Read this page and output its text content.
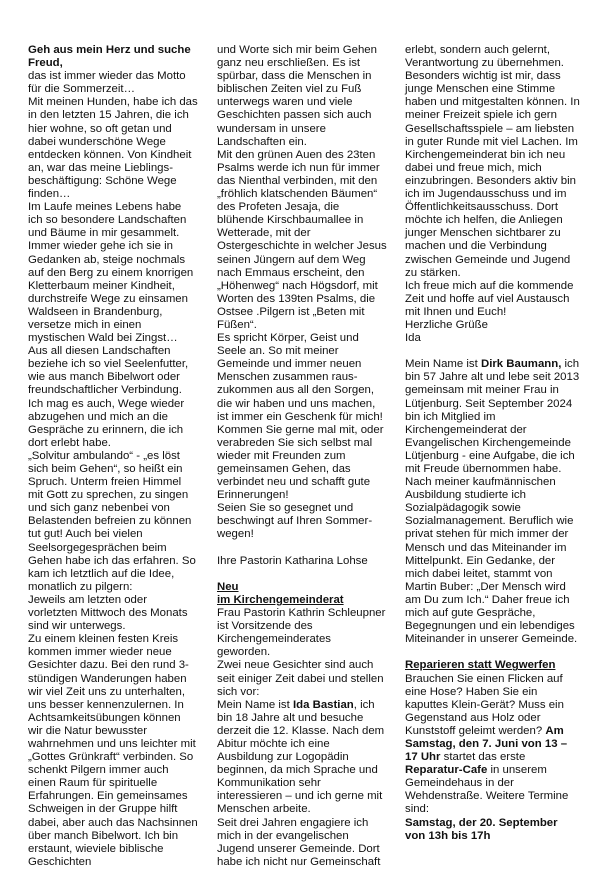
Geh aus mein Herz und suche Freud,

das ist immer wieder das Motto für die Sommerzeit…
Mit meinen Hunden, habe ich das in den letzten 15 Jahren, die ich hier wohne, so oft getan und dabei wunderschöne Wege entdecken können. Von Kindheit an, war das meine Lieblingsbeschäftigung: Schöne Wege finden…
Im Laufe meines Lebens habe ich so besondere Landschaften und Bäume in mir gesammelt. Immer wieder gehe ich sie in Gedanken ab, steige nochmals auf den Berg zu einem knorrigen Kletterbaum meiner Kindheit, durchstreife Wege zu einsamen Waldseen in Brandenburg, versetze mich in einen mystischen Wald bei Zingst… Aus all diesen Landschaften beziehe ich so viel Seelenfutter, wie aus manch Bibelwort oder freundschaftlicher Verbindung. Ich mag es auch, Wege wieder abzugehen und mich an die Gespräche zu erinnern, die ich dort erlebt habe.
„Solvitur ambulando“ - „es löst sich beim Gehen“, so heißt ein Spruch. Unterm freien Himmel mit Gott zu sprechen, zu singen und sich ganz nebenbei von Belastenden befreien zu können tut gut! Auch bei vielen Seelsorgegesprächen beim Gehen habe ich das erfahren. So kam ich letztlich auf die Idee, monatlich zu pilgern:
Jeweils am letzten oder vorletzten Mittwoch des Monats sind wir unterwegs.
Zu einem kleinen festen Kreis kommen immer wieder neue Gesichter dazu. Bei den rund 3-stündigen Wanderungen haben wir viel Zeit uns zu unterhalten, uns besser kennenzulernen. In Achtsamkeitsübungen können wir die Natur bewusster wahrnehmen und uns leichter mit „Gottes Grünkraft“ verbinden. So schenkt Pilgern immer auch einen Raum für spirituelle Erfahrungen. Ein gemeinsames Schweigen in der Gruppe hilft dabei, aber auch das Nachsinnen über manch Bibelwort. Ich bin erstaunt, wieviele biblische Geschichten

und Worte sich mir beim Gehen ganz neu erschließen. Es ist spürbar, dass die Menschen in biblischen Zeiten viel zu Fuß unterwegs waren und viele Geschichten passen sich auch wundersam in unsere Landschaften ein.
Mit den grünen Auen des 23ten Psalms werde ich nun für immer das Nienthal verbinden, mit den „fröhlich klatschenden Bäumen“ des Profeten Jesaja, die blühende Kirschbaumallee in Wetterade, mit der Ostergeschichte in welcher Jesus seinen Jüngern auf dem Weg nach Emmaus erscheint, den „Höhenweg“ nach Högsdorf, mit Worten des 139ten Psalms, die Ostsee .Pilgern ist „Beten mit Füßen“.
Es spricht Körper, Geist und Seele an. So mit meiner Gemeinde und immer neuen Menschen zusammen rauszukommen aus all den Sorgen, die wir haben und uns machen, ist immer ein Geschenk für mich! Kommen Sie gerne mal mit, oder verabreden Sie sich selbst mal wieder mit Freunden zum gemeinsamen Gehen, das verbindet neu und schafft gute Erinnerungen!
Seien Sie so gesegnet und beschwingt auf Ihren Sommerwegen!

Ihre Pastorin Katharina Lohse

Neu

im Kirchengemeinderat

Frau Pastorin Kathrin Schleupner ist Vorsitzende des Kirchengemeinderates geworden.
Zwei neue Gesichter sind auch seit einiger Zeit dabei und stellen sich vor:

Mein Name ist Ida Bastian, ich bin 18 Jahre alt und besuche derzeit die 12. Klasse. Nach dem Abitur möchte ich eine Ausbildung zur Logopädin beginnen, da mich Sprache und Kommunikation sehr interessieren – und ich gerne mit Menschen arbeite.
Seit drei Jahren engagiere ich mich in der evangelischen Jugend unserer Gemeinde. Dort habe ich nicht nur Gemeinschaft

erlebt, sondern auch gelernt, Verantwortung zu übernehmen. Besonders wichtig ist mir, dass junge Menschen eine Stimme haben und mitgestalten können. In meiner Freizeit spiele ich gern Gesellschaftsspiele – am liebsten in guter Runde mit viel Lachen. Im Kirchengemeinderat bin ich neu dabei und freue mich, mich einzubringen. Besonders aktiv bin ich im Jugendausschuss und im Öffentlichkeitsausschuss. Dort möchte ich helfen, die Anliegen junger Menschen sichtbarer zu machen und die Verbindung zwischen Gemeinde und Jugend zu stärken.
Ich freue mich auf die kommende Zeit und hoffe auf viel Austausch mit Ihnen und Euch!
Herzliche Grüße
Ida

Mein Name ist Dirk Baumann, ich bin 57 Jahre alt und lebe seit 2013 gemeinsam mit meiner Frau in Lütjenburg. Seit September 2024 bin ich Mitglied im Kirchengemeinderat der Evangelischen Kirchengemeinde Lütjenburg - eine Aufgabe, die ich mit Freude übernommen habe. Nach meiner kaufmännischen Ausbildung studierte ich Sozialpädagogik sowie Sozialmanagement. Beruflich wie privat stehen für mich immer der Mensch und das Miteinander im Mittelpunkt. Ein Gedanke, der mich dabei leitet, stammt von Martin Buber: „Der Mensch wird am Du zum Ich.“ Daher freue ich mich auf gute Gespräche, Begegnungen und ein lebendiges Miteinander in unserer Gemeinde.

Reparieren statt Wegwerfen

Brauchen Sie einen Flicken auf eine Hose? Haben Sie ein kaputtes Klein-Gerät? Muss ein Gegenstand aus Holz oder Kunststoff geleimt werden? Am Samstag, den 7. Juni von 13 – 17 Uhr startet das erste Reparatur-Cafe in unserem Gemeindehaus in der Wehdenstraße. Weitere Termine sind:

Samstag, der 20. September von 13h bis 17h
